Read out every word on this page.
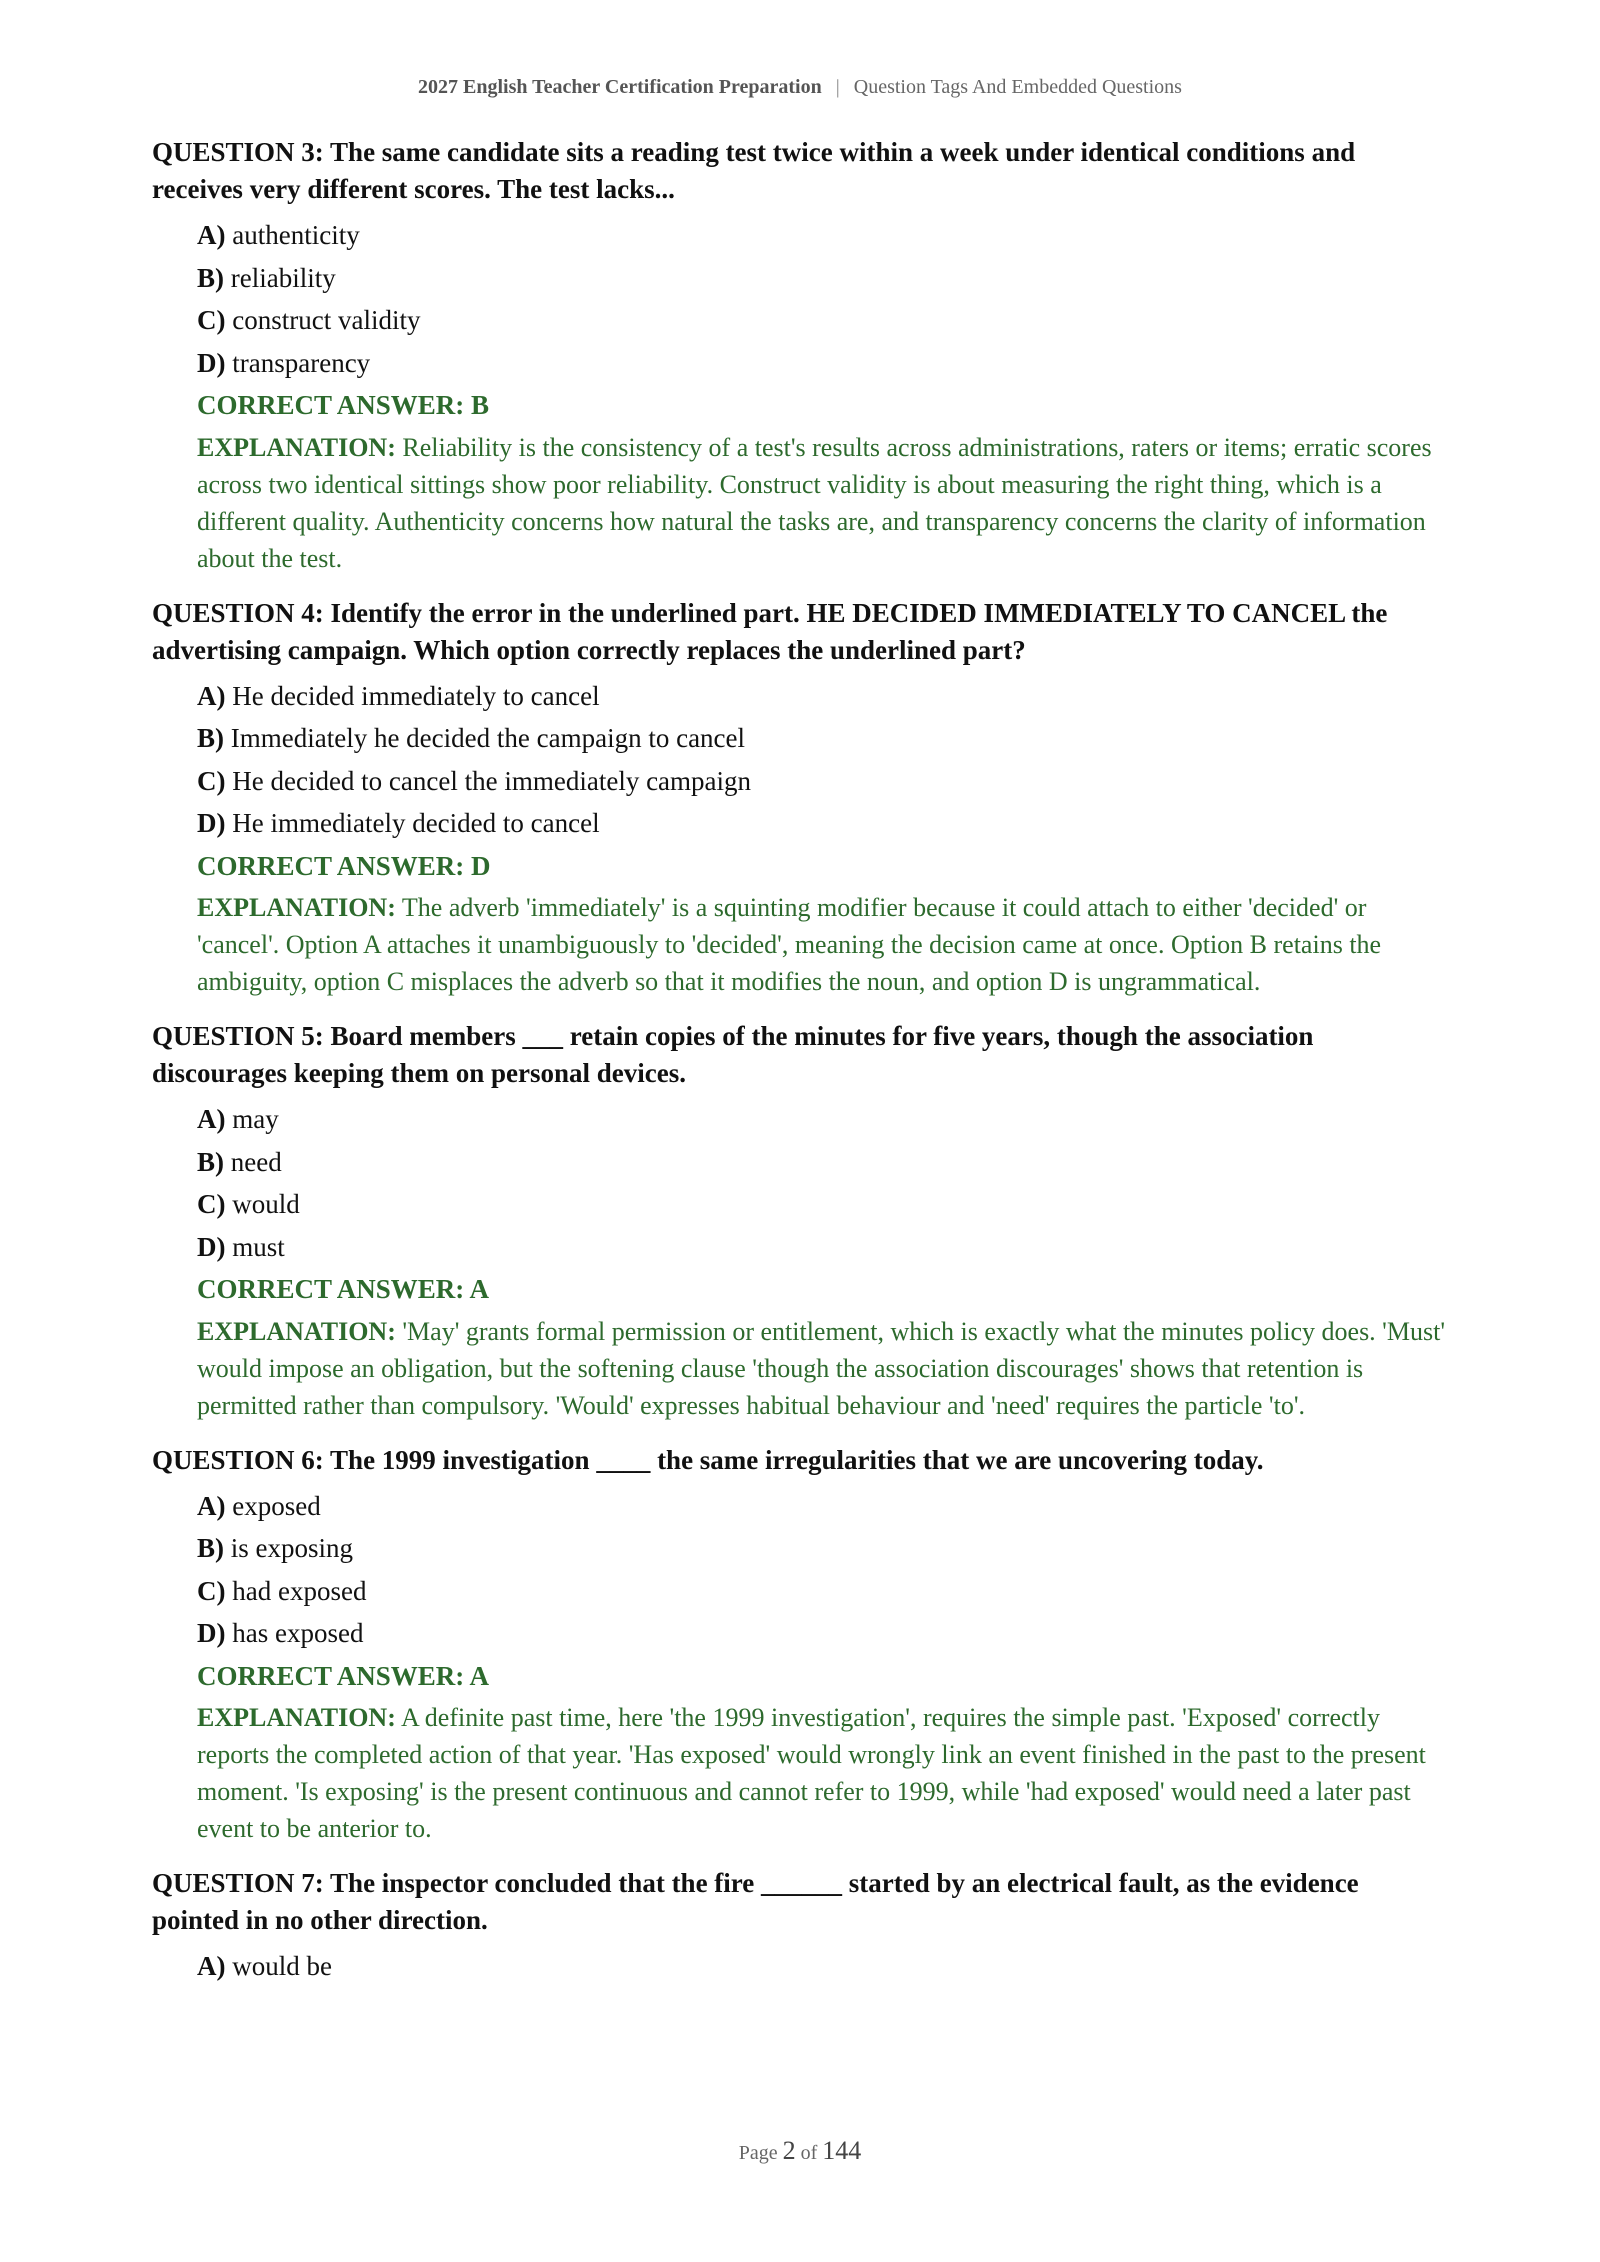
2027 English Teacher Certification Preparation | Question Tags And Embedded Questions
QUESTION 3: The same candidate sits a reading test twice within a week under identical conditions and receives very different scores. The test lacks...
A) authenticity
B) reliability
C) construct validity
D) transparency
CORRECT ANSWER: B
EXPLANATION: Reliability is the consistency of a test's results across administrations, raters or items; erratic scores across two identical sittings show poor reliability. Construct validity is about measuring the right thing, which is a different quality. Authenticity concerns how natural the tasks are, and transparency concerns the clarity of information about the test.
QUESTION 4: Identify the error in the underlined part. HE DECIDED IMMEDIATELY TO CANCEL the advertising campaign. Which option correctly replaces the underlined part?
A) He decided immediately to cancel
B) Immediately he decided the campaign to cancel
C) He decided to cancel the immediately campaign
D) He immediately decided to cancel
CORRECT ANSWER: D
EXPLANATION: The adverb 'immediately' is a squinting modifier because it could attach to either 'decided' or 'cancel'. Option A attaches it unambiguously to 'decided', meaning the decision came at once. Option B retains the ambiguity, option C misplaces the adverb so that it modifies the noun, and option D is ungrammatical.
QUESTION 5: Board members ___ retain copies of the minutes for five years, though the association discourages keeping them on personal devices.
A) may
B) need
C) would
D) must
CORRECT ANSWER: A
EXPLANATION: 'May' grants formal permission or entitlement, which is exactly what the minutes policy does. 'Must' would impose an obligation, but the softening clause 'though the association discourages' shows that retention is permitted rather than compulsory. 'Would' expresses habitual behaviour and 'need' requires the particle 'to'.
QUESTION 6: The 1999 investigation ____ the same irregularities that we are uncovering today.
A) exposed
B) is exposing
C) had exposed
D) has exposed
CORRECT ANSWER: A
EXPLANATION: A definite past time, here 'the 1999 investigation', requires the simple past. 'Exposed' correctly reports the completed action of that year. 'Has exposed' would wrongly link an event finished in the past to the present moment. 'Is exposing' is the present continuous and cannot refer to 1999, while 'had exposed' would need a later past event to be anterior to.
QUESTION 7: The inspector concluded that the fire ______ started by an electrical fault, as the evidence pointed in no other direction.
A) would be
Page 2 of 144
